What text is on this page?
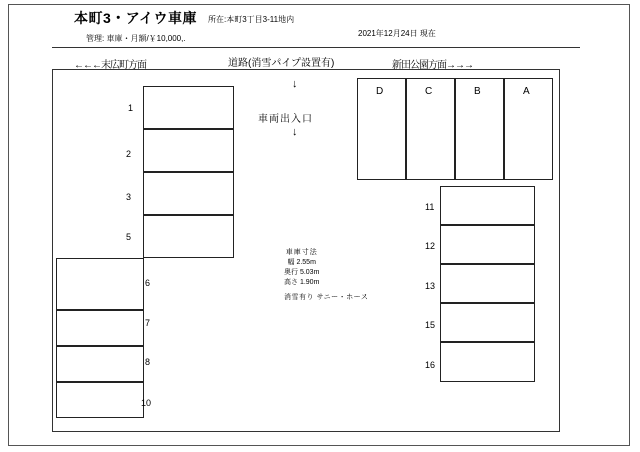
本町3・アイウ車庫 所在:本町3丁目3-11地内
2021年12月24日 現在
管理: 車庫・月額/￥10,000,.
←←←末広町方面	道路(消雪パイプ設置有)	新田公園方面→→→
↓
車両出入口
↓
D	C	B	A
1
2
3
5
6
7
8
10
11
12
13
15
16
車庫寸法
幅 2.55m
奥行 5.03m
高さ 1.90m
消雪有り サニー・ホース
